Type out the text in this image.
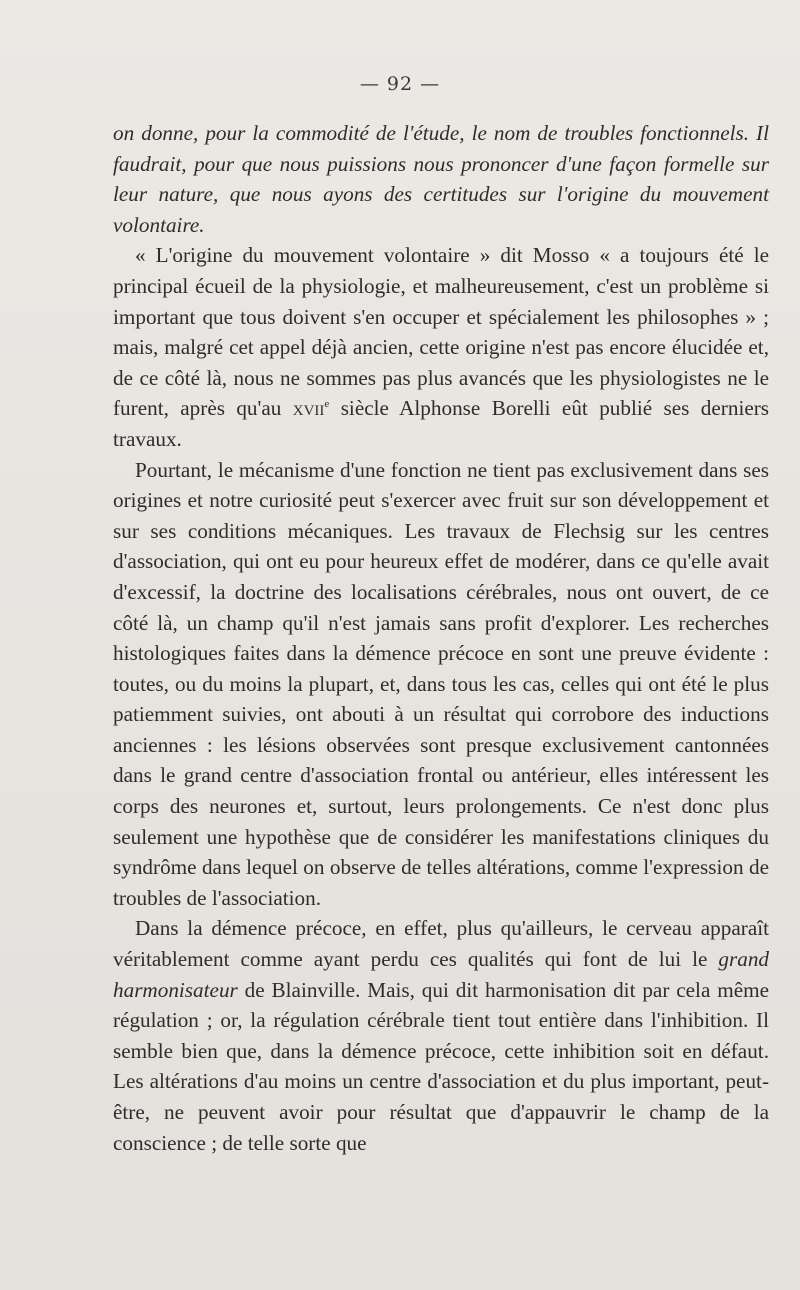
— 92 —

on donne, pour la commodité de l'étude, le nom de troubles fonctionnels. Il faudrait, pour que nous puissions nous prononcer d'une façon formelle sur leur nature, que nous ayons des certitudes sur l'origine du mouvement volontaire.

« L'origine du mouvement volontaire » dit Mosso « a toujours été le principal écueil de la physiologie, et malheureusement, c'est un problème si important que tous doivent s'en occuper et spécialement les philosophes » ; mais, malgré cet appel déjà ancien, cette origine n'est pas encore élucidée et, de ce côté là, nous ne sommes pas plus avancés que les physiologistes ne le furent, après qu'au xvii$^e$ siècle Alphonse Borelli eût publié ses derniers travaux.

Pourtant, le mécanisme d'une fonction ne tient pas exclusivement dans ses origines et notre curiosité peut s'exercer avec fruit sur son développement et sur ses conditions mécaniques. Les travaux de Flechsig sur les centres d'association, qui ont eu pour heureux effet de modérer, dans ce qu'elle avait d'excessif, la doctrine des localisations cérébrales, nous ont ouvert, de ce côté là, un champ qu'il n'est jamais sans profit d'explorer. Les recherches histologiques faites dans la démence précoce en sont une preuve évidente : toutes, ou du moins la plupart, et, dans tous les cas, celles qui ont été le plus patiemment suivies, ont abouti à un résultat qui corrobore des inductions anciennes : les lésions observées sont presque exclusivement cantonnées dans le grand centre d'association frontal ou antérieur, elles intéressent les corps des neurones et, surtout, leurs prolongements. Ce n'est donc plus seulement une hypothèse que de considérer les manifestations cliniques du syndrôme dans lequel on observe de telles altérations, comme l'expression de troubles de l'association.

Dans la démence précoce, en effet, plus qu'ailleurs, le cerveau apparaît véritablement comme ayant perdu ces qualités qui font de lui le grand harmonisateur de Blainville. Mais, qui dit harmonisation dit par cela même régulation ; or, la régulation cérébrale tient tout entière dans l'inhibition. Il semble bien que, dans la démence précoce, cette inhibition soit en défaut. Les altérations d'au moins un centre d'association et du plus important, peut-être, ne peuvent avoir pour résultat que d'appauvrir le champ de la conscience ; de telle sorte que
